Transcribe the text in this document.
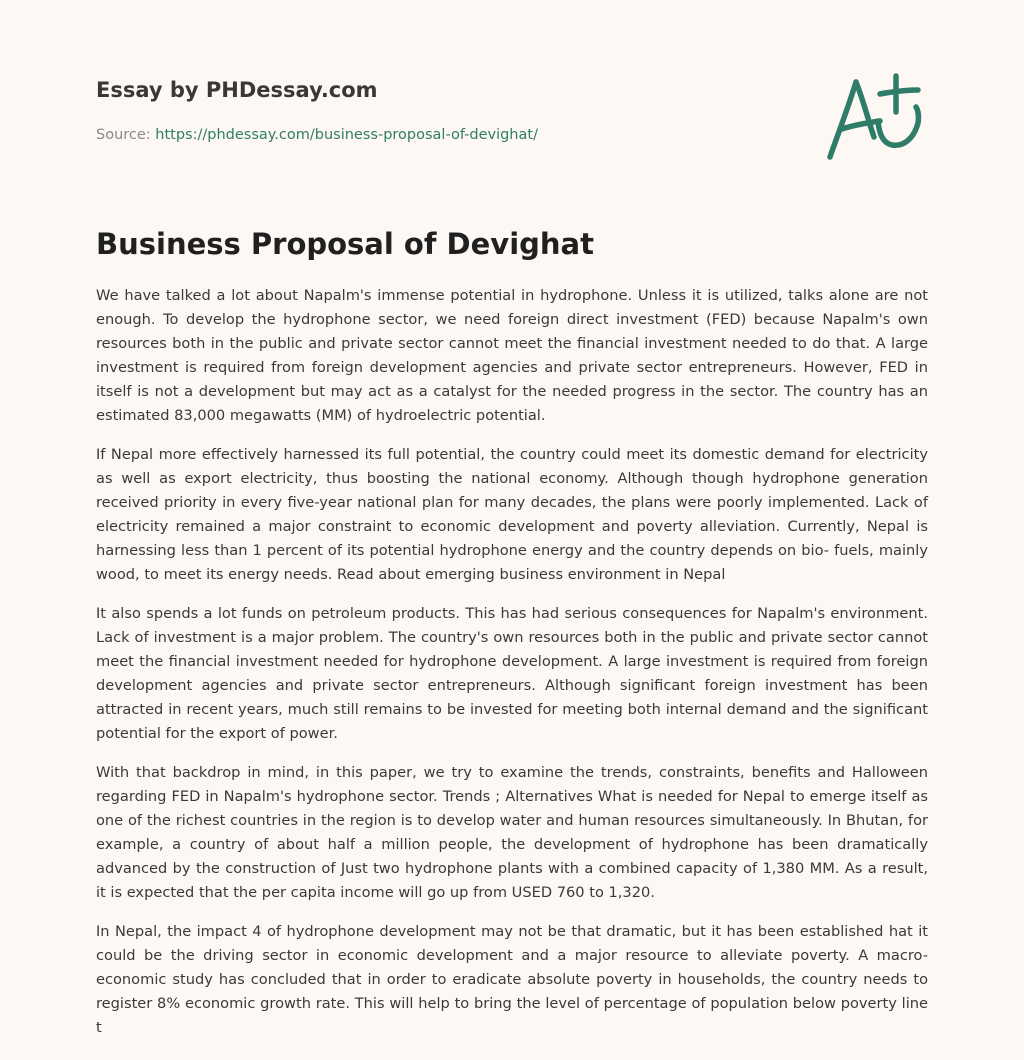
Essay by PHDessay.com
Source: https://phdessay.com/business-proposal-of-devighat/
Business Proposal of Devighat

We have talked a lot about Napalm's immense potential in hydrophone. Unless it is utilized, talks alone are not enough. To develop the hydrophone sector, we need foreign direct investment (FED) because Napalm's own resources both in the public and private sector cannot meet the financial investment needed to do that. A large investment is required from foreign development agencies and private sector entrepreneurs. However, FED in itself is not a development but may act as a catalyst for the needed progress in the sector. The country has an estimated 83,000 megawatts (MM) of hydroelectric potential.

If Nepal more effectively harnessed its full potential, the country could meet its domestic demand for electricity as well as export electricity, thus boosting the national economy. Although though hydrophone generation received priority in every five-year national plan for many decades, the plans were poorly implemented. Lack of electricity remained a major constraint to economic development and poverty alleviation. Currently, Nepal is harnessing less than 1 percent of its potential hydrophone energy and the country depends on bio- fuels, mainly wood, to meet its energy needs. Read about emerging business environment in Nepal

It also spends a lot funds on petroleum products. This has had serious consequences for Napalm's environment. Lack of investment is a major problem. The country's own resources both in the public and private sector cannot meet the financial investment needed for hydrophone development. A large investment is required from foreign development agencies and private sector entrepreneurs. Although significant foreign investment has been attracted in recent years, much still remains to be invested for meeting both internal demand and the significant potential for the export of power.

With that backdrop in mind, in this paper, we try to examine the trends, constraints, benefits and Halloween regarding FED in Napalm's hydrophone sector. Trends ; Alternatives What is needed for Nepal to emerge itself as one of the richest countries in the region is to develop water and human resources simultaneously. In Bhutan, for example, a country of about half a million people, the development of hydrophone has been dramatically advanced by the construction of Just two hydrophone plants with a combined capacity of 1,380 MM. As a result, it is expected that the per capita income will go up from USED 760 to 1,320.

In Nepal, the impact 4 of hydrophone development may not be that dramatic, but it has been established hat it could be the driving sector in economic development and a major resource to alleviate poverty. A macro-economic study has concluded that in order to eradicate absolute poverty in households, the country needs to register 8% economic growth rate. This will help to bring the level of percentage of population below poverty line t
